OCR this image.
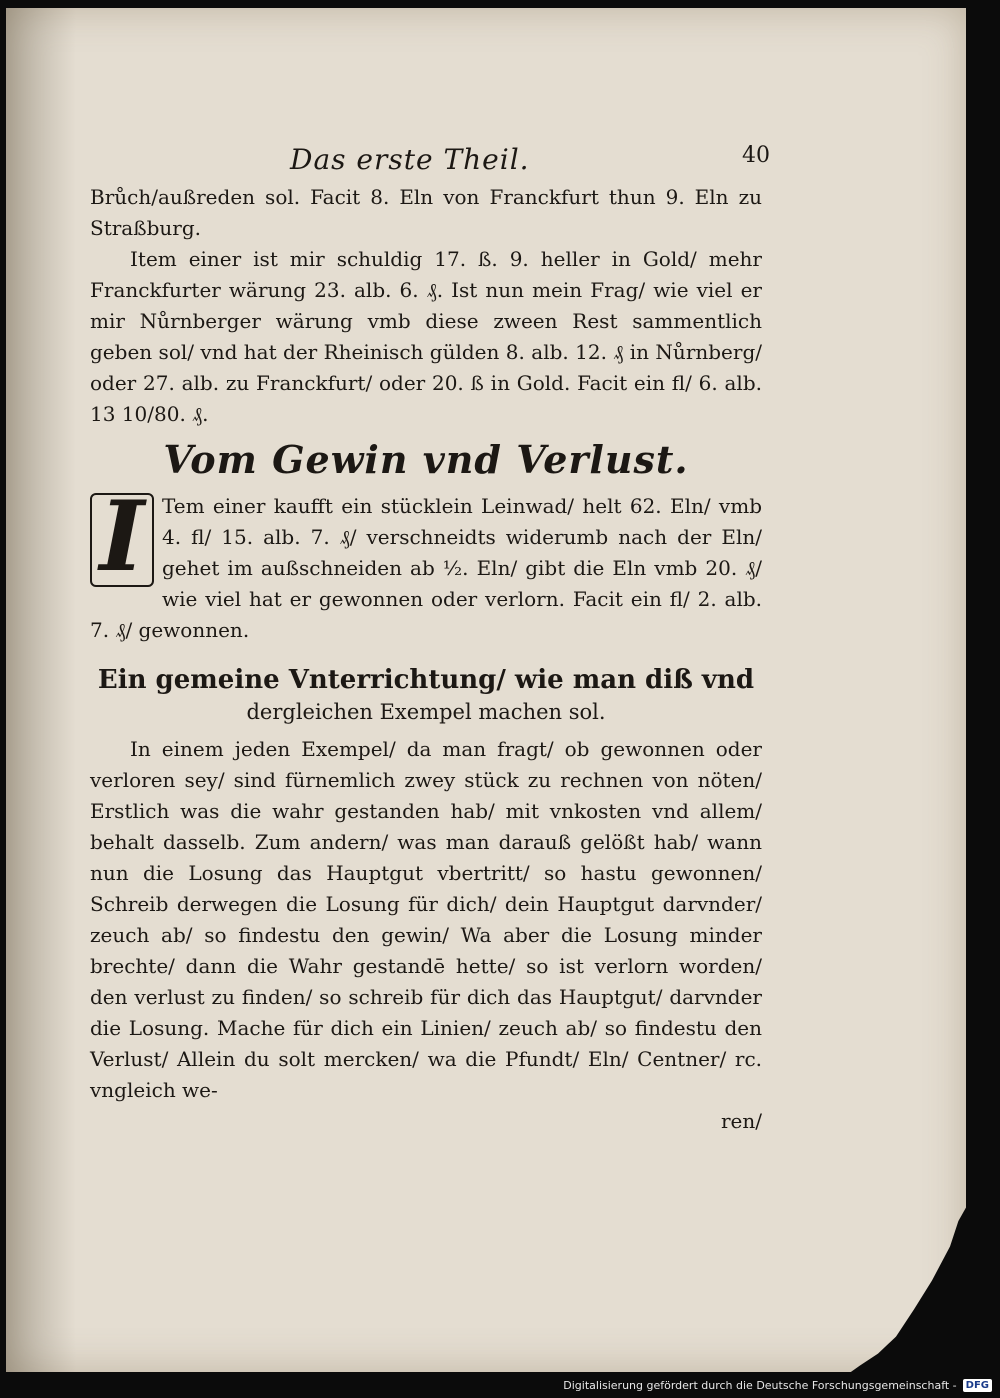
Das erste Theil.	40

Brůch/außreden sol. Facit 8. Eln von Franckfurt thun 9. Eln zu Straßburg.

Item einer ist mir schuldig 17. ß. 9. heller in Gold/ mehr Franckfurter wärung 23. alb. 6. ₰. Ist nun mein Frag/ wie viel er mir Nůrnberger wärung vmb diese zween Rest sammentlich geben sol/ vnd hat der Rheinisch gülden 8. alb. 12. ₰ in Nůrnberg/ oder 27. alb. zu Franckfurt/ oder 20. ß in Gold. Facit ein fl/ 6. alb. 13 10/80. ₰.

Vom Gewin vnd Verlust.
I Tem einer kaufft ein stücklein Leinwad/ helt 62. Eln/ vmb 4. fl/ 15. alb. 7. ₰/ verschneidts widerumb nach der Eln/ gehet im außschneiden ab ½. Eln/ gibt die Eln vmb 20. ₰/ wie viel hat er gewonnen oder verlorn. Facit ein fl/ 2. alb. 7. ₰/ gewonnen.

Ein gemeine Vnterrichtung/ wie man diß vnd
dergleichen Exempel machen sol.

In einem jeden Exempel/ da man fragt/ ob gewonnen oder verloren sey/ sind fürnemlich zwey stück zu rechnen von nöten/ Erstlich was die wahr gestanden hab/ mit vnkosten vnd allem/ behalt dasselb. Zum andern/ was man darauß gelößt hab/ wann nun die Losung das Hauptgut vbertritt/ so hastu gewonnen/ Schreib derwegen die Losung für dich/ dein Hauptgut darvnder/ zeuch ab/ so findestu den gewin/ Wa aber die Losung minder brechte/ dann die Wahr gestandē hette/ so ist verlorn worden/ den verlust zu finden/ so schreib für dich das Hauptgut/ darvnder die Losung. Mache für dich ein Linien/ zeuch ab/ so findestu den Verlust/ Allein du solt mercken/ wa die Pfundt/ Eln/ Centner/ rc. vngleich we-

ren/

Digitalisierung gefördert durch die Deutsche Forschungsgemeinschaft - DFG
